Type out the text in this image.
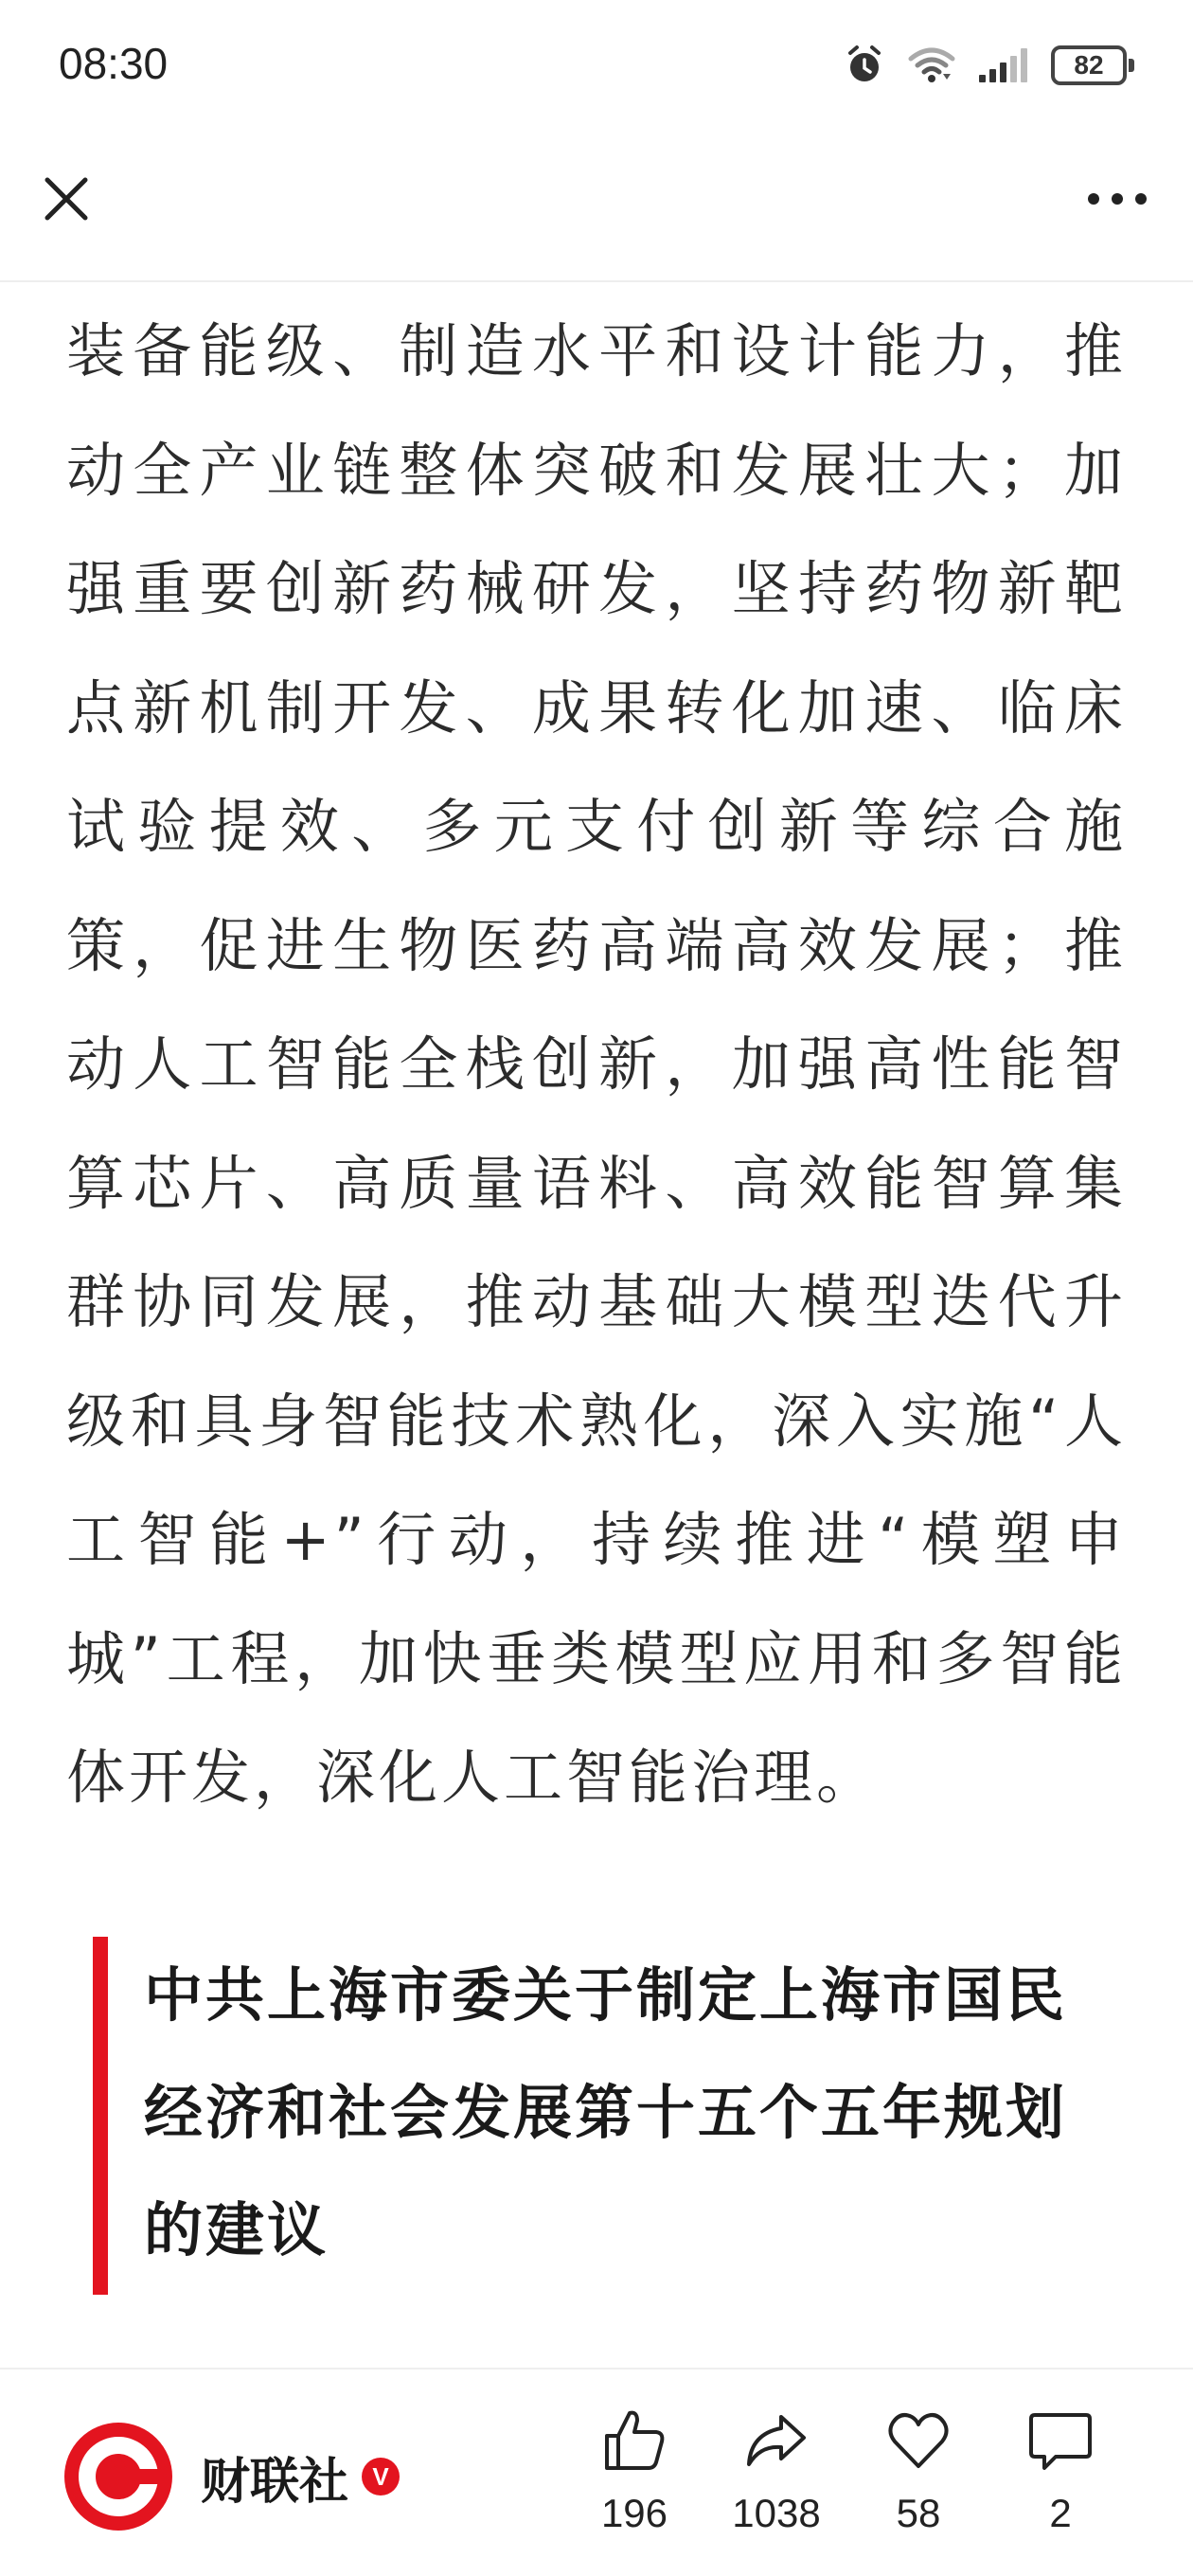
08:30	82

装备能级、制造水平和设计能力，推动全产业链整体突破和发展壮大；加强重要创新药械研发，坚持药物新靶点新机制开发、成果转化加速、临床试验提效、多元支付创新等综合施策，促进生物医药高端高效发展；推动人工智能全栈创新，加强高性能智算芯片、高质量语料、高效能智算集群协同发展，推动基础大模型迭代升级和具身智能技术熟化，深入实施“人工智能+”行动，持续推进“模塑申城”工程，加快垂类模型应用和多智能体开发，深化人工智能治理。

中共上海市委关于制定上海市国民经济和社会发展第十五个五年规划的建议

财联社 V
196 1038 58	2
